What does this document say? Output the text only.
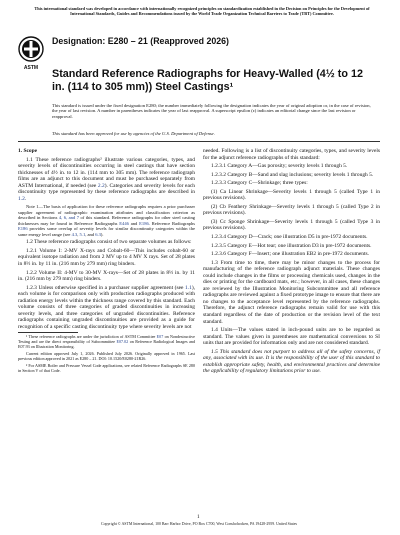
This international standard was developed in accordance with internationally recognized principles on standardization established in the Decision on Principles for the Development of International Standards, Guides and Recommendations issued by the World Trade Organization Technical Barriers to Trade (TBT) Committee.
ASTM
Designation: E280 – 21 (Reapproved 2026)
Standard Reference Radiographs for Heavy-Walled (4½ to 12 in. (114 to 305 mm)) Steel Castings¹
This standard is issued under the fixed designation E280; the number immediately following the designation indicates the year of original adoption or, in the case of revision, the year of last revision. A number in parentheses indicates the year of last reapproval. A superscript epsilon (ε) indicates an editorial change since the last revision or reapproval.
This standard has been approved for use by agencies of the U.S. Department of Defense.

1. Scope

1.1 These reference radiographs² illustrate various categories, types, and severity levels of discontinuities occurring in steel castings that have section thicknesses of 4½ in. to 12 in. (114 mm to 305 mm). The reference radiograph films are an adjunct to this document and must be purchased separately from ASTM International, if needed (see 2.2). Categories and severity levels for each discontinuity type represented by these reference radiographs are described in 1.2.

Note 1—The basis of application for these reference radiographs requires a prior purchaser supplier agreement of radiographic examination attributes and classification criterion as described in Sections 4, 6, and 7 of this standard. Reference radiographs for other steel casting thicknesses may be found in Reference Radiographs E446 and E186. Reference Radiographs E186 provides some overlap of severity levels for similar discontinuity categories within the same energy level range (see 4.3, 5.1, and 6.3).

1.2 These reference radiographs consist of two separate volumes as follows:

1.2.1 Volume I: 2-MV X-rays and Cobalt-60—This includes cobalt-60 or equivalent isotope radiation and from 2 MV up to 4 MV X rays. Set of 28 plates in 8½ in. by 11 in. (216 mm by 279 mm) ring binders.

1.2.2 Volume II: 4-MV to 30-MV X-rays—Set of 28 plates in 8½ in. by 11 in. (216 mm by 279 mm) ring binders.

1.2.3 Unless otherwise specified in a purchaser supplier agreement (see 1.1), each volume is for comparison only with production radiographs produced with radiation energy levels within the thickness range covered by this standard. Each volume consists of three categories of graded discontinuities in increasing severity levels, and three categories of ungraded discontinuities. Reference radiographs containing ungraded discontinuities are provided as a guide for recognition of a specific casting discontinuity type where severity levels are not

¹ These reference radiographs are under the jurisdiction of ASTM Committee E07 on Nondestructive Testing and are the direct responsibility of Subcommittee E07.02 on Reference Radiological Images and E07.93 on Illustration Monitoring.

Current edition approved July 1, 2026. Published July 2026. Originally approved in 1965. Last previous edition approved in 2021 as E280 – 21. DOI: 10.1520/E0280-21R26.

² For ASME Boiler and Pressure Vessel Code applications, see related Reference Radiographs SE 280 in Section V of that Code.

needed. Following is a list of discontinuity categories, types, and severity levels for the adjunct reference radiographs of this standard:

1.2.3.1 Category A—Gas porosity; severity levels 1 through 5.

1.2.3.2 Category B—Sand and slag inclusions; severity levels 1 through 5.

1.2.3.3 Category C—Shrinkage; three types:

(1) Ca Linear Shrinkage—Severity levels 1 through 5 (called Type 1 in previous revisions).

(2) Cb Feathery Shrinkage—Severity levels 1 through 5 (called Type 2 in previous revisions).

(3) Cc Sponge Shrinkage—Severity levels 1 through 5 (called Type 3 in previous revisions).

1.2.3.4 Category D—Crack; one illustration D5 in pre-1972 documents.

1.2.3.5 Category E—Hot tear; one illustration D3 in pre-1972 documents.

1.2.3.6 Category F—Insert; one illustration EB2 in pre-1972 documents.

1.3 From time to time, there may be minor changes to the process for manufacturing of the reference radiograph adjunct materials. These changes could include changes in the films or processing chemicals used, changes in the dies or printing for the cardboard mats, etc.; however, in all cases, these changes are reviewed by the Illustration Monitoring Subcommittee and all reference radiographs are reviewed against a fixed prototype image to ensure that there are no changes to the acceptance level represented by the reference radiographs. Therefore, the adjunct reference radiographs remain valid for use with this standard regardless of the date of production or the revision level of the text standard.

1.4 Units—The values stated in inch-pound units are to be regarded as standard. The values given in parentheses are mathematical conversions to SI units that are provided for information only and are not considered standard.

1.5 This standard does not purport to address all of the safety concerns, if any, associated with its use. It is the responsibility of the user of this standard to establish appropriate safety, health, and environmental practices and determine the applicability of regulatory limitations prior to use.

1
Copyright © ASTM International, 100 Barr Harbor Drive, PO Box C700, West Conshohocken, PA 19428-2959. United States
